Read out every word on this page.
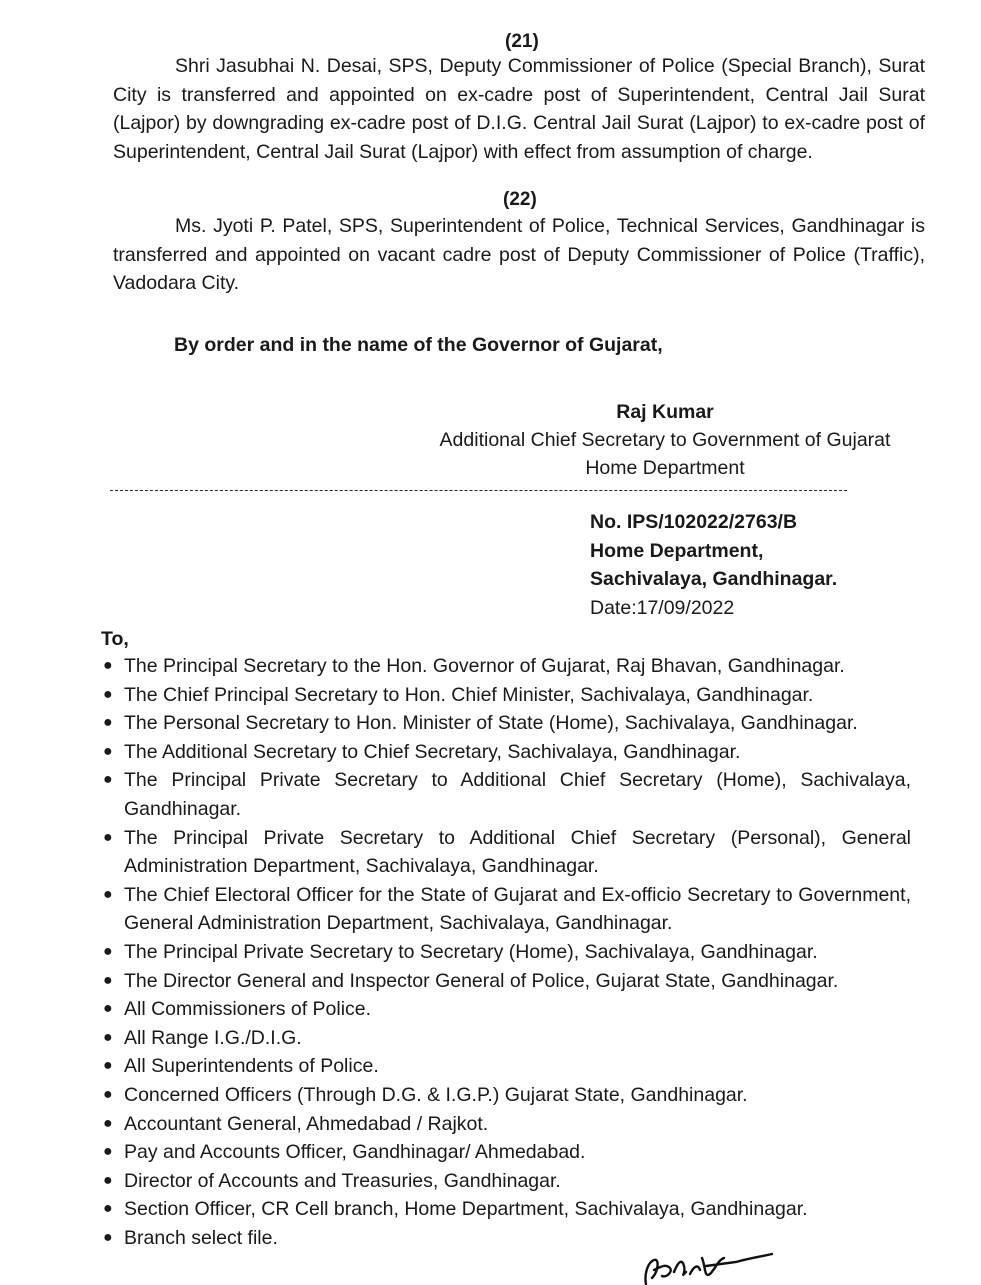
(21)

Shri Jasubhai N. Desai, SPS, Deputy Commissioner of Police (Special Branch), Surat City is transferred and appointed on ex-cadre post of Superintendent, Central Jail Surat (Lajpor) by downgrading ex-cadre post of D.I.G. Central Jail Surat (Lajpor) to ex-cadre post of Superintendent, Central Jail Surat (Lajpor) with effect from assumption of charge.

(22)

Ms. Jyoti P. Patel, SPS, Superintendent of Police, Technical Services, Gandhinagar is transferred and appointed on vacant cadre post of Deputy Commissioner of Police (Traffic), Vadodara City.

By order and in the name of the Governor of Gujarat,

Raj Kumar
Additional Chief Secretary to Government of Gujarat
Home Department
No. IPS/102022/2763/B
Home Department,
Sachivalaya, Gandhinagar.
Date:17/09/2022

To,

● The Principal Secretary to the Hon. Governor of Gujarat, Raj Bhavan, Gandhinagar.
● The Chief Principal Secretary to Hon. Chief Minister, Sachivalaya, Gandhinagar.
● The Personal Secretary to Hon. Minister of State (Home), Sachivalaya, Gandhinagar.
● The Additional Secretary to Chief Secretary, Sachivalaya, Gandhinagar.
● The Principal Private Secretary to Additional Chief Secretary (Home), Sachivalaya, Gandhinagar.
● The Principal Private Secretary to Additional Chief Secretary (Personal), General Administration Department, Sachivalaya, Gandhinagar.
● The Chief Electoral Officer for the State of Gujarat and Ex-officio Secretary to Government, General Administration Department, Sachivalaya, Gandhinagar.
● The Principal Private Secretary to Secretary (Home), Sachivalaya, Gandhinagar.
● The Director General and Inspector General of Police, Gujarat State, Gandhinagar.
● All Commissioners of Police.
● All Range I.G./D.I.G.
● All Superintendents of Police.
● Concerned Officers (Through D.G. & I.G.P.) Gujarat State, Gandhinagar.
● Accountant General, Ahmedabad / Rajkot.
● Pay and Accounts Officer, Gandhinagar/ Ahmedabad.
● Director of Accounts and Treasuries, Gandhinagar.
● Section Officer, CR Cell branch, Home Department, Sachivalaya, Gandhinagar.
● Branch select file.
